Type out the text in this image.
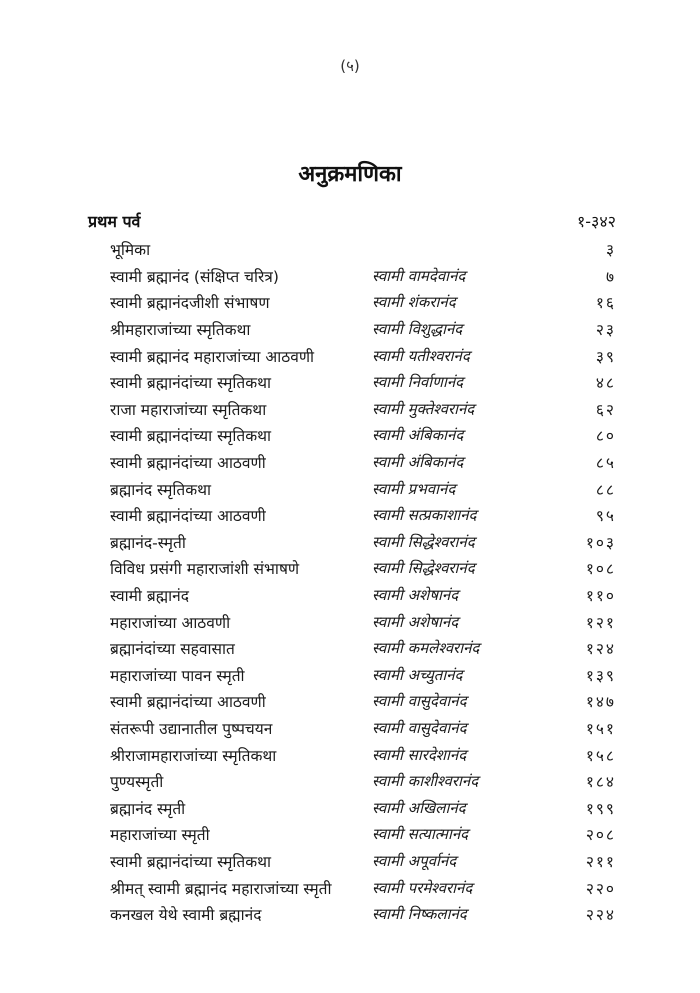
(५)
अनुक्रमणिका
प्रथम पर्व	१-३४२
भूमिका	३
स्वामी ब्रह्मानंद (संक्षिप्त चरित्र)	स्वामी वामदेवानंद	७
स्वामी ब्रह्मानंदजीशी संभाषण	स्वामी शंकरानंद	१६
श्रीमहाराजांच्या स्मृतिकथा	स्वामी विशुद्धानंद	२३
स्वामी ब्रह्मानंद महाराजांच्या आठवणी	स्वामी यतीश्वरानंद	३९
स्वामी ब्रह्मानंदांच्या स्मृतिकथा	स्वामी निर्वाणानंद	४८
राजा महाराजांच्या स्मृतिकथा	स्वामी मुक्तेश्वरानंद	६२
स्वामी ब्रह्मानंदांच्या स्मृतिकथा	स्वामी अंबिकानंद	८०
स्वामी ब्रह्मानंदांच्या आठवणी	स्वामी अंबिकानंद	८५
ब्रह्मानंद स्मृतिकथा	स्वामी प्रभवानंद	८८
स्वामी ब्रह्मानंदांच्या आठवणी	स्वामी सत्प्रकाशानंद	९५
ब्रह्मानंद-स्मृती	स्वामी सिद्धेश्वरानंद	१०३
विविध प्रसंगी महाराजांशी संभाषणे	स्वामी सिद्धेश्वरानंद	१०८
स्वामी ब्रह्मानंद	स्वामी अशेषानंद	११०
महाराजांच्या आठवणी	स्वामी अशेषानंद	१२१
ब्रह्मानंदांच्या सहवासात	स्वामी कमलेश्वरानंद	१२४
महाराजांच्या पावन स्मृती	स्वामी अच्युतानंद	१३९
स्वामी ब्रह्मानंदांच्या आठवणी	स्वामी वासुदेवानंद	१४७
संतरूपी उद्यानातील पुष्पचयन	स्वामी वासुदेवानंद	१५१
श्रीराजामहाराजांच्या स्मृतिकथा	स्वामी सारदेशानंद	१५८
पुण्यस्मृती	स्वामी काशीश्वरानंद	१८४
ब्रह्मानंद स्मृती	स्वामी अखिलानंद	१९९
महाराजांच्या स्मृती	स्वामी सत्यात्मानंद	२०८
स्वामी ब्रह्मानंदांच्या स्मृतिकथा	स्वामी अपूर्वानंद	२११
श्रीमत् स्वामी ब्रह्मानंद महाराजांच्या स्मृती	स्वामी परमेश्वरानंद	२२०
कनखल येथे स्वामी ब्रह्मानंद	स्वामी निष्कलानंद	२२४
